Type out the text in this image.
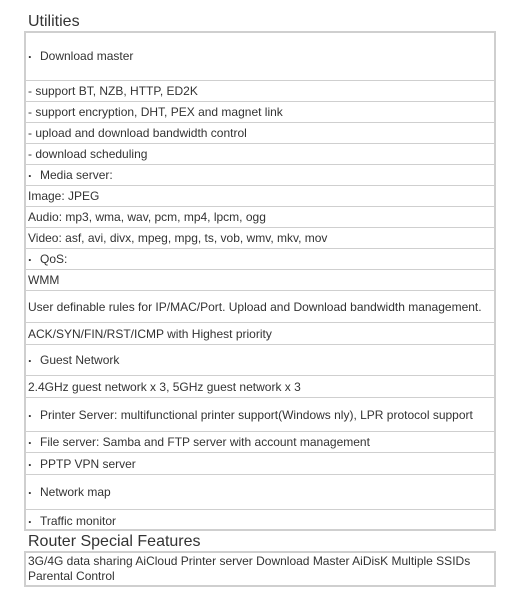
Utilities
. Download master
- support BT, NZB, HTTP, ED2K
- support encryption, DHT, PEX and magnet link
- upload and download bandwidth control
- download scheduling
. Media server:
Image: JPEG
Audio: mp3, wma, wav, pcm, mp4, lpcm, ogg
Video: asf, avi, divx, mpeg, mpg, ts, vob, wmv, mkv, mov
. QoS:
WMM
User definable rules for IP/MAC/Port. Upload and Download bandwidth management.
ACK/SYN/FIN/RST/ICMP with Highest priority
. Guest Network
2.4GHz guest network x 3, 5GHz guest network x 3
. Printer Server: multifunctional printer support(Windows nly), LPR protocol support
. File server: Samba and FTP server with account management
. PPTP VPN server
. Network map
. Traffic monitor
Router Special Features
3G/4G data sharing AiCloud Printer server Download Master AiDisK Multiple SSIDs Parental Control
